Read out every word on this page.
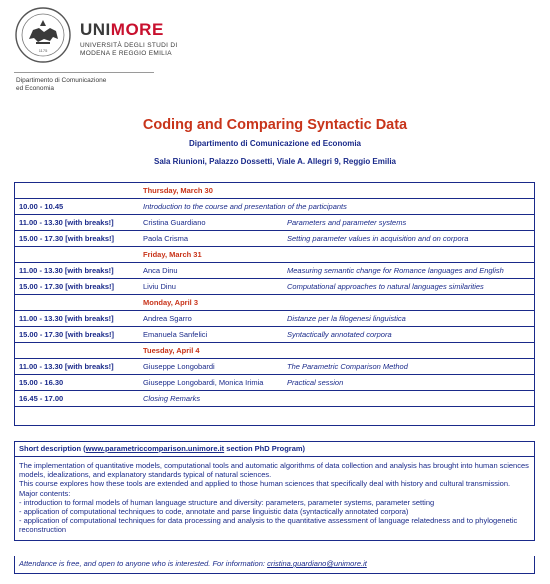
1175
UNIMORE
UNIVERSITÀ DEGLI STUDI DI
MODENA E REGGIO EMILIA
Dipartimento di Comunicazione
ed Economia
Coding and Comparing Syntactic Data
Dipartimento di Comunicazione ed Economia
Sala Riunioni, Palazzo Dossetti, Viale A. Allegri 9, Reggio Emilia
Thursday, March 30
10.00 - 10.45	Introduction to the course and presentation of the participants
11.00 - 13.30 [with breaks!]	Cristina Guardiano	Parameters and parameter systems
15.00 - 17.30 [with breaks!]	Paola Crisma	Setting parameter values in acquisition and on corpora
Friday, March 31
11.00 - 13.30 [with breaks!]	Anca Dinu	Measuring semantic change for Romance languages and English
15.00 - 17.30 [with breaks!]	Liviu Dinu	Computational approaches to natural languages similarities
Monday, April 3
11.00 - 13.30 [with breaks!]	Andrea Sgarro	Distanze per la filogenesi linguistica
15.00 - 17.30 [with breaks!]	Emanuela Sanfelici	Syntactically annotated corpora
Tuesday, April 4
11.00 - 13.30 [with breaks!]	Giuseppe Longobardi	The Parametric Comparison Method
15.00 - 16.30	Giuseppe Longobardi, Monica Irimia	Practical session
16.45 - 17.00	Closing Remarks
Short description (www.parametriccomparison.unimore.it section PhD Program)
The implementation of quantitative models, computational tools and automatic algorithms of data collection and analysis has brought into human sciences models, idealizations, and explanatory standards typical of natural sciences.
This course explores how these tools are extended and applied to those human sciences that specifically deal with history and cultural transmission.
Major contents:
- introduction to formal models of human language structure and diversity: parameters, parameter systems, parameter setting
- application of computational techniques to code, annotate and parse linguistic data (syntactically annotated corpora)
- application of computational techniques for data processing and analysis to the quantitative assessment of language relatedness and to phylogenetic reconstruction
Attendance is free, and open to anyone who is interested. For information: cristina.guardiano@unimore.it
